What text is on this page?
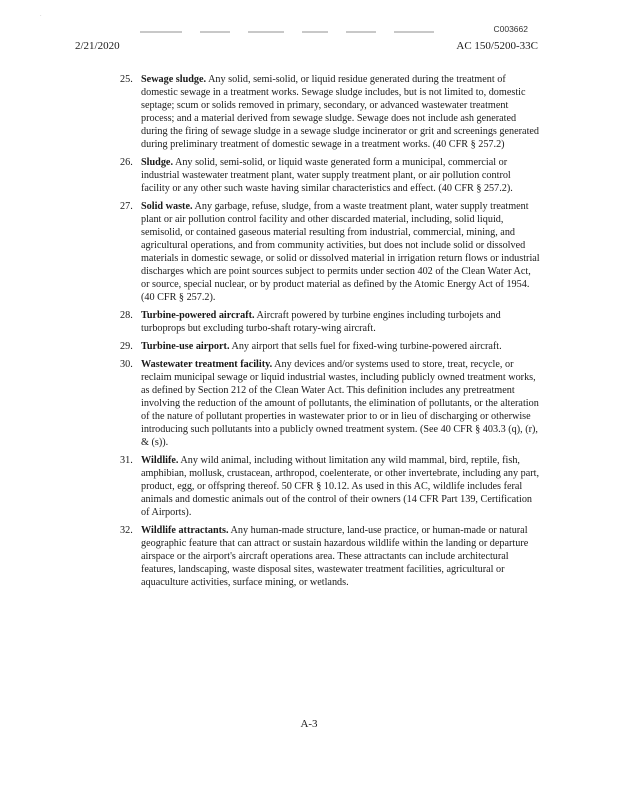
·
C003662
2/21/2020	AC 150/5200-33C
25. Sewage sludge. Any solid, semi-solid, or liquid residue generated during the treatment of domestic sewage in a treatment works. Sewage sludge includes, but is not limited to, domestic septage; scum or solids removed in primary, secondary, or advanced wastewater treatment process; and a material derived from sewage sludge. Sewage does not include ash generated during the firing of sewage sludge in a sewage sludge incinerator or grit and screenings generated during preliminary treatment of domestic sewage in a treatment works. (40 CFR § 257.2)
26. Sludge. Any solid, semi-solid, or liquid waste generated form a municipal, commercial or industrial wastewater treatment plant, water supply treatment plant, or air pollution control facility or any other such waste having similar characteristics and effect. (40 CFR § 257.2).
27. Solid waste. Any garbage, refuse, sludge, from a waste treatment plant, water supply treatment plant or air pollution control facility and other discarded material, including, solid liquid, semisolid, or contained gaseous material resulting from industrial, commercial, mining, and agricultural operations, and from community activities, but does not include solid or dissolved materials in domestic sewage, or solid or dissolved material in irrigation return flows or industrial discharges which are point sources subject to permits under section 402 of the Clean Water Act, or source, special nuclear, or by product material as defined by the Atomic Energy Act of 1954.(40 CFR § 257.2).
28. Turbine-powered aircraft. Aircraft powered by turbine engines including turbojets and turboprops but excluding turbo-shaft rotary-wing aircraft.
29. Turbine-use airport. Any airport that sells fuel for fixed-wing turbine-powered aircraft.
30. Wastewater treatment facility. Any devices and/or systems used to store, treat, recycle, or reclaim municipal sewage or liquid industrial wastes, including publicly owned treatment works, as defined by Section 212 of the Clean Water Act. This definition includes any pretreatment involving the reduction of the amount of pollutants, the elimination of pollutants, or the alteration of the nature of pollutant properties in wastewater prior to or in lieu of discharging or otherwise introducing such pollutants into a publicly owned treatment system. (See 40 CFR § 403.3 (q), (r), & (s)).
31. Wildlife. Any wild animal, including without limitation any wild mammal, bird, reptile, fish, amphibian, mollusk, crustacean, arthropod, coelenterate, or other invertebrate, including any part, product, egg, or offspring thereof. 50 CFR § 10.12. As used in this AC, wildlife includes feral animals and domestic animals out of the control of their owners (14 CFR Part 139, Certification of Airports).
32. Wildlife attractants. Any human-made structure, land-use practice, or human-made or natural geographic feature that can attract or sustain hazardous wildlife within the landing or departure airspace or the airport's aircraft operations area. These attractants can include architectural features, landscaping, waste disposal sites, wastewater treatment facilities, agricultural or aquaculture activities, surface mining, or wetlands.
A-3
